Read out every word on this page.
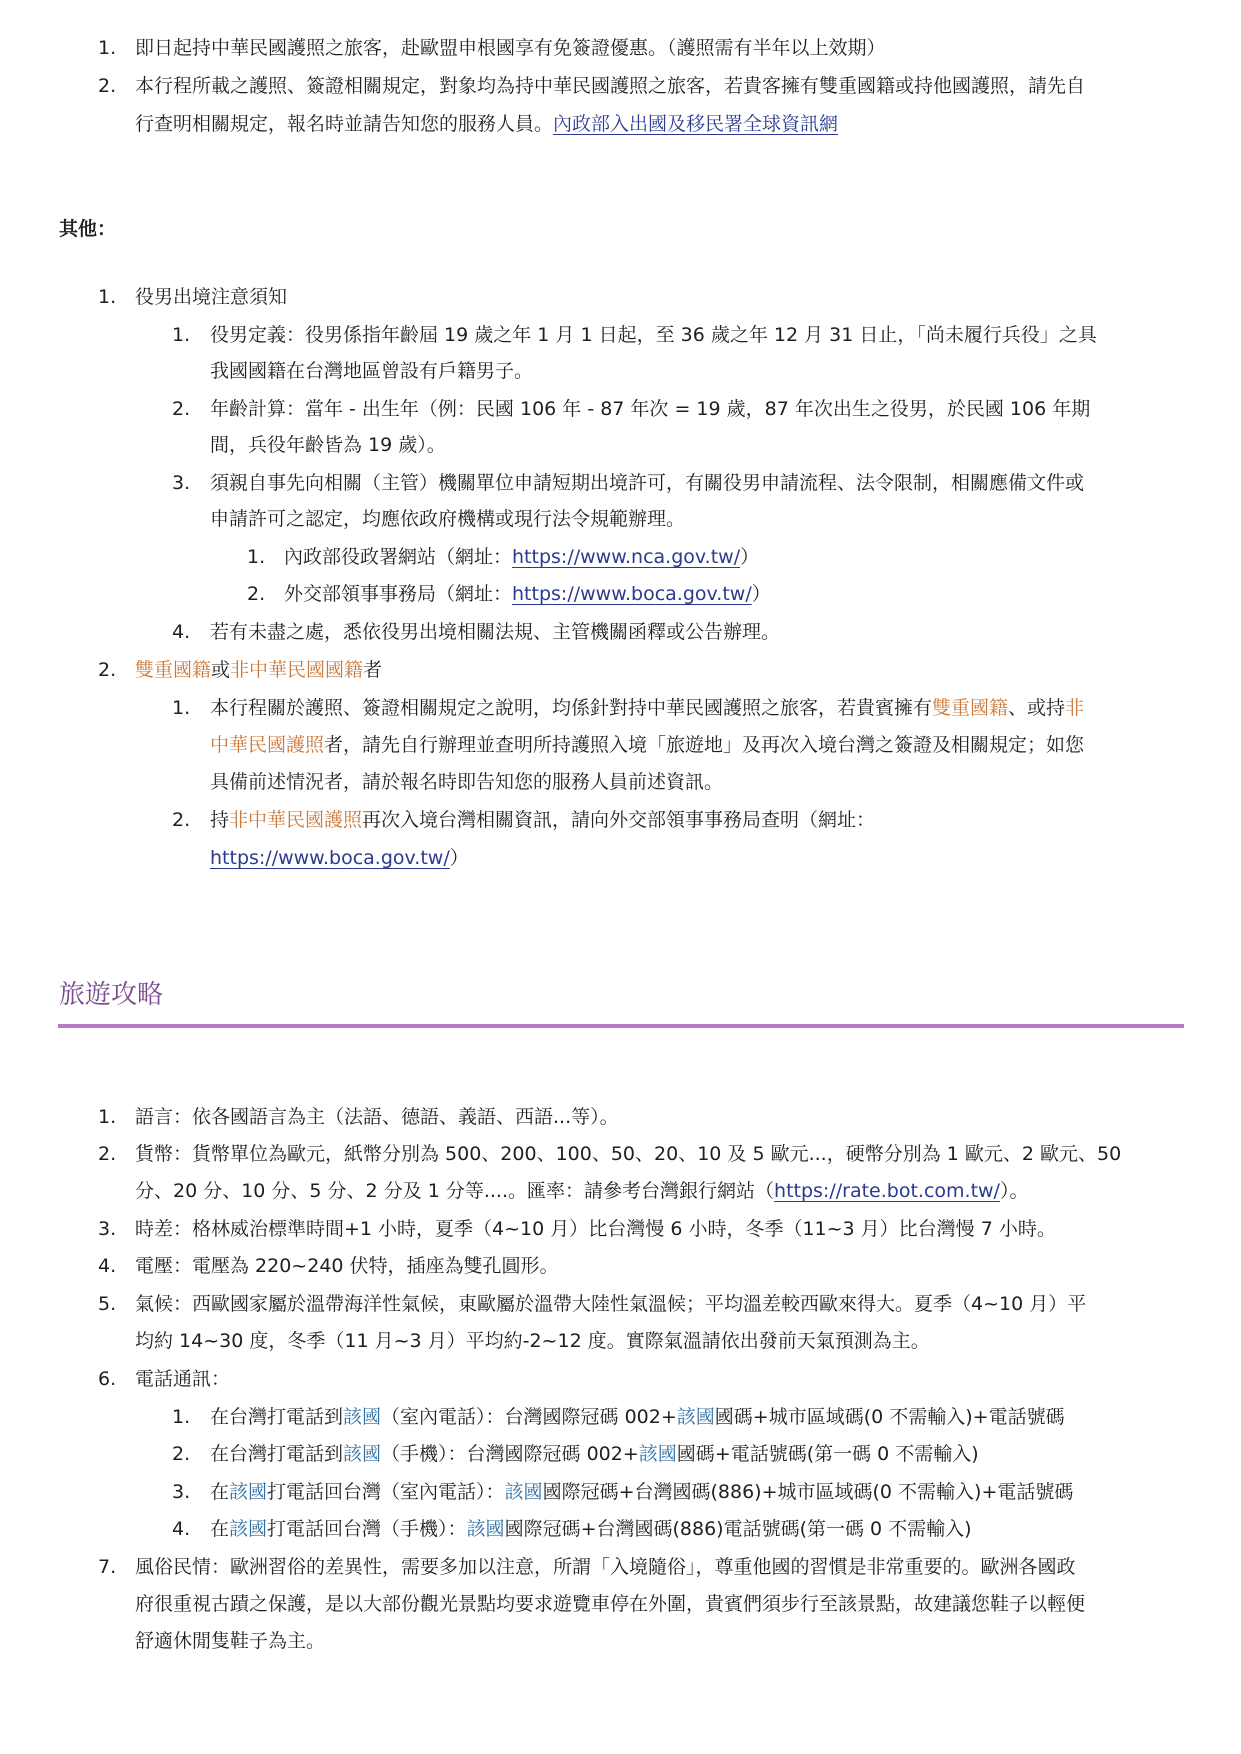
1. 即日起持中華民國護照之旅客，赴歐盟申根國享有免簽證優惠。（護照需有半年以上效期）
2. 本行程所載之護照、簽證相關規定，對象均為持中華民國護照之旅客，若貴客擁有雙重國籍或持他國護照，請先自
行查明相關規定，報名時並請告知您的服務人員。內政部入出國及移民署全球資訊網
其他：
1. 役男出境注意須知
1. 役男定義：役男係指年齡屆 19 歲之年 1 月 1 日起，至 36 歲之年 12 月 31 日止，「尚未履行兵役」之具
我國國籍在台灣地區曾設有戶籍男子。
2. 年齡計算：當年 - 出生年（例：民國 106 年 - 87 年次 = 19 歲，87 年次出生之役男，於民國 106 年期
間，兵役年齡皆為 19 歲）。
3. 須親自事先向相關（主管）機關單位申請短期出境許可，有關役男申請流程、法令限制，相關應備文件或
申請許可之認定，均應依政府機構或現行法令規範辦理。
1. 內政部役政署網站（網址：https://www.nca.gov.tw/）
2. 外交部領事事務局（網址：https://www.boca.gov.tw/）
4. 若有未盡之處，悉依役男出境相關法規、主管機關函釋或公告辦理。
2. 雙重國籍或非中華民國國籍者
1. 本行程關於護照、簽證相關規定之說明，均係針對持中華民國護照之旅客，若貴賓擁有雙重國籍、或持非
中華民國護照者，請先自行辦理並查明所持護照入境「旅遊地」及再次入境台灣之簽證及相關規定；如您
具備前述情況者，請於報名時即告知您的服務人員前述資訊。
2. 持非中華民國護照再次入境台灣相關資訊，請向外交部領事事務局查明（網址：
https://www.boca.gov.tw/）
旅遊攻略
1. 語言：依各國語言為主（法語、德語、義語、西語...等）。
2. 貨幣：貨幣單位為歐元，紙幣分別為 500、200、100、50、20、10 及 5 歐元...，硬幣分別為 1 歐元、2 歐元、50
分、20 分、10 分、5 分、2 分及 1 分等....。匯率：請參考台灣銀行網站（https://rate.bot.com.tw/）。
3. 時差：格林威治標準時間+1 小時，夏季（4~10 月）比台灣慢 6 小時，冬季（11~3 月）比台灣慢 7 小時。
4. 電壓：電壓為 220~240 伏特，插座為雙孔圓形。
5. 氣候：西歐國家屬於溫帶海洋性氣候，東歐屬於溫帶大陸性氣溫候；平均溫差較西歐來得大。夏季（4~10 月）平
均約 14~30 度，冬季（11 月~3 月）平均約-2~12 度。實際氣溫請依出發前天氣預測為主。
6. 電話通訊：
1. 在台灣打電話到該國（室內電話）：台灣國際冠碼 002+該國國碼+城市區域碼(0 不需輸入)+電話號碼
2. 在台灣打電話到該國（手機）：台灣國際冠碼 002+該國國碼+電話號碼(第一碼 0 不需輸入)
3. 在該國打電話回台灣（室內電話）：該國國際冠碼+台灣國碼(886)+城市區域碼(0 不需輸入)+電話號碼
4. 在該國打電話回台灣（手機）：該國國際冠碼+台灣國碼(886)電話號碼(第一碼 0 不需輸入)
7. 風俗民情：歐洲習俗的差異性，需要多加以注意，所謂「入境隨俗」，尊重他國的習慣是非常重要的。歐洲各國政
府很重視古蹟之保護，是以大部份觀光景點均要求遊覽車停在外圍，貴賓們須步行至該景點，故建議您鞋子以輕便
舒適休閒隻鞋子為主。
